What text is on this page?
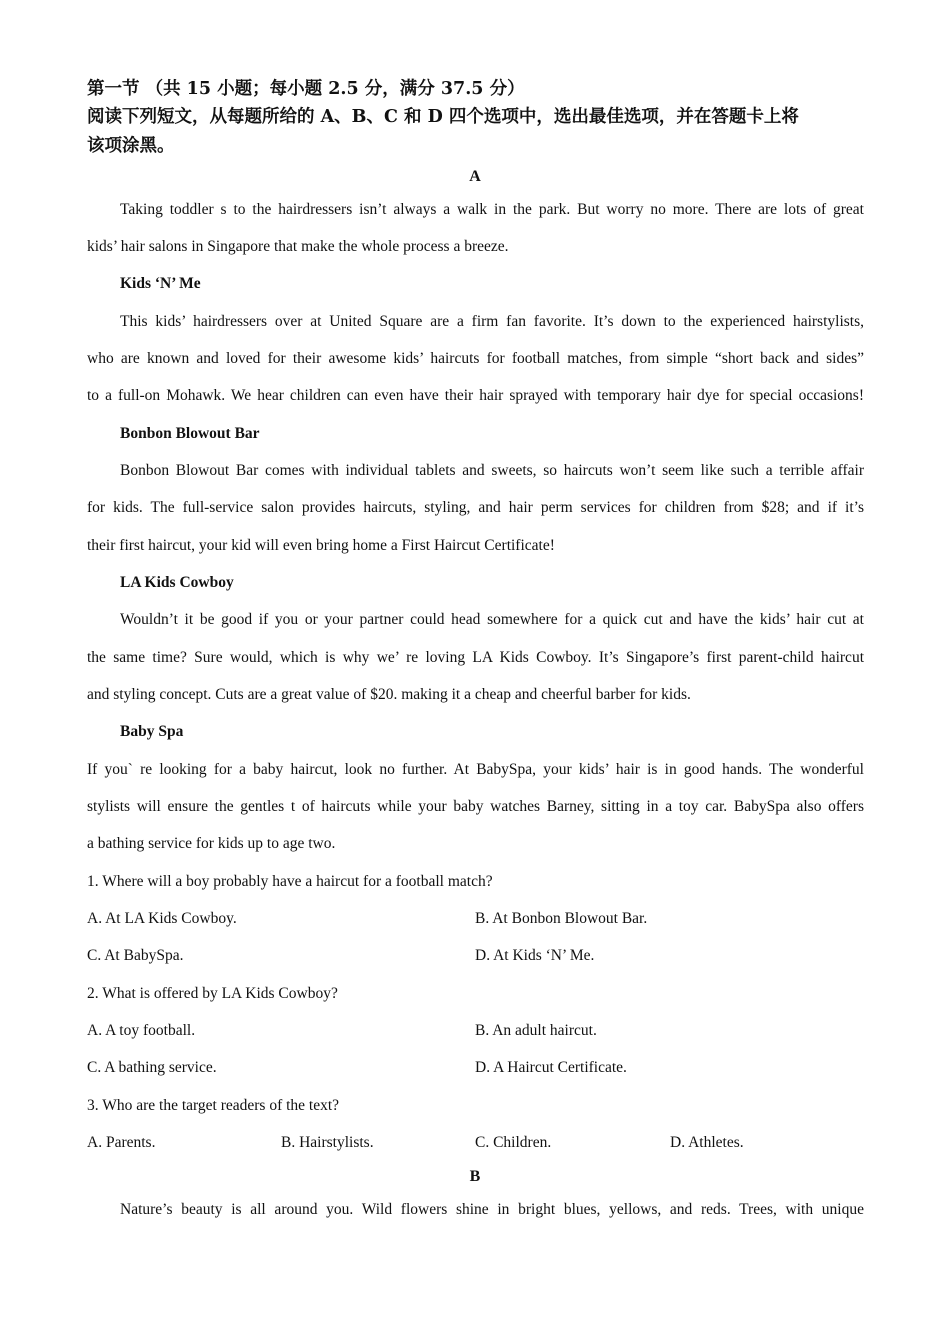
第一节 （共 15 小题；每小题 2.5 分，满分 37.5 分）
阅读下列短文，从每题所给的 A、B、C 和 D 四个选项中，选出最佳选项，并在答题卡上将
该项涂黑。
A
Taking toddler s to the hairdressers isn’t always a walk in the park. But worry no more. There are lots of great
kids’ hair salons in Singapore that make the whole process a breeze.
Kids ‘N’ Me
This kids’ hairdressers over at United Square are a firm fan favorite. It’s down to the experienced hairstylists,
who are known and loved for their awesome kids’ haircuts for football matches, from simple “short back and sides”
to a full-on Mohawk. We hear children can even have their hair sprayed with temporary hair dye for special occasions!
Bonbon Blowout Bar
Bonbon Blowout Bar comes with individual tablets and sweets, so haircuts won’t seem like such a terrible affair
for kids. The full-service salon provides haircuts, styling, and hair perm services for children from $28; and if it’s
their first haircut, your kid will even bring home a First Haircut Certificate!
LA Kids Cowboy
Wouldn’t it be good if you or your partner could head somewhere for a quick cut and have the kids’ hair cut at
the same time? Sure would, which is why we’ re loving LA Kids Cowboy. It’s Singapore’s first parent-child haircut
and styling concept. Cuts are a great value of $20. making it a cheap and cheerful barber for kids.
Baby Spa
If you` re looking for a baby haircut, look no further. At BabySpa, your kids’ hair is in good hands. The wonderful
stylists will ensure the gentles t of haircuts while your baby watches Barney, sitting in a toy car. BabySpa also offers
a bathing service for kids up to age two.
1. Where will a boy probably have a haircut for a football match?
A. At LA Kids Cowboy.	B. At Bonbon Blowout Bar.
C. At BabySpa.	D. At Kids ‘N’ Me.
2. What is offered by LA Kids Cowboy?
A. A toy football.	B. An adult haircut.
C. A bathing service.	D. A Haircut Certificate.
3. Who are the target readers of the text?
A. Parents.	B. Hairstylists.	C. Children.	D. Athletes.
B
Nature’s beauty is all around you. Wild flowers shine in bright blues, yellows, and reds. Trees, with unique
